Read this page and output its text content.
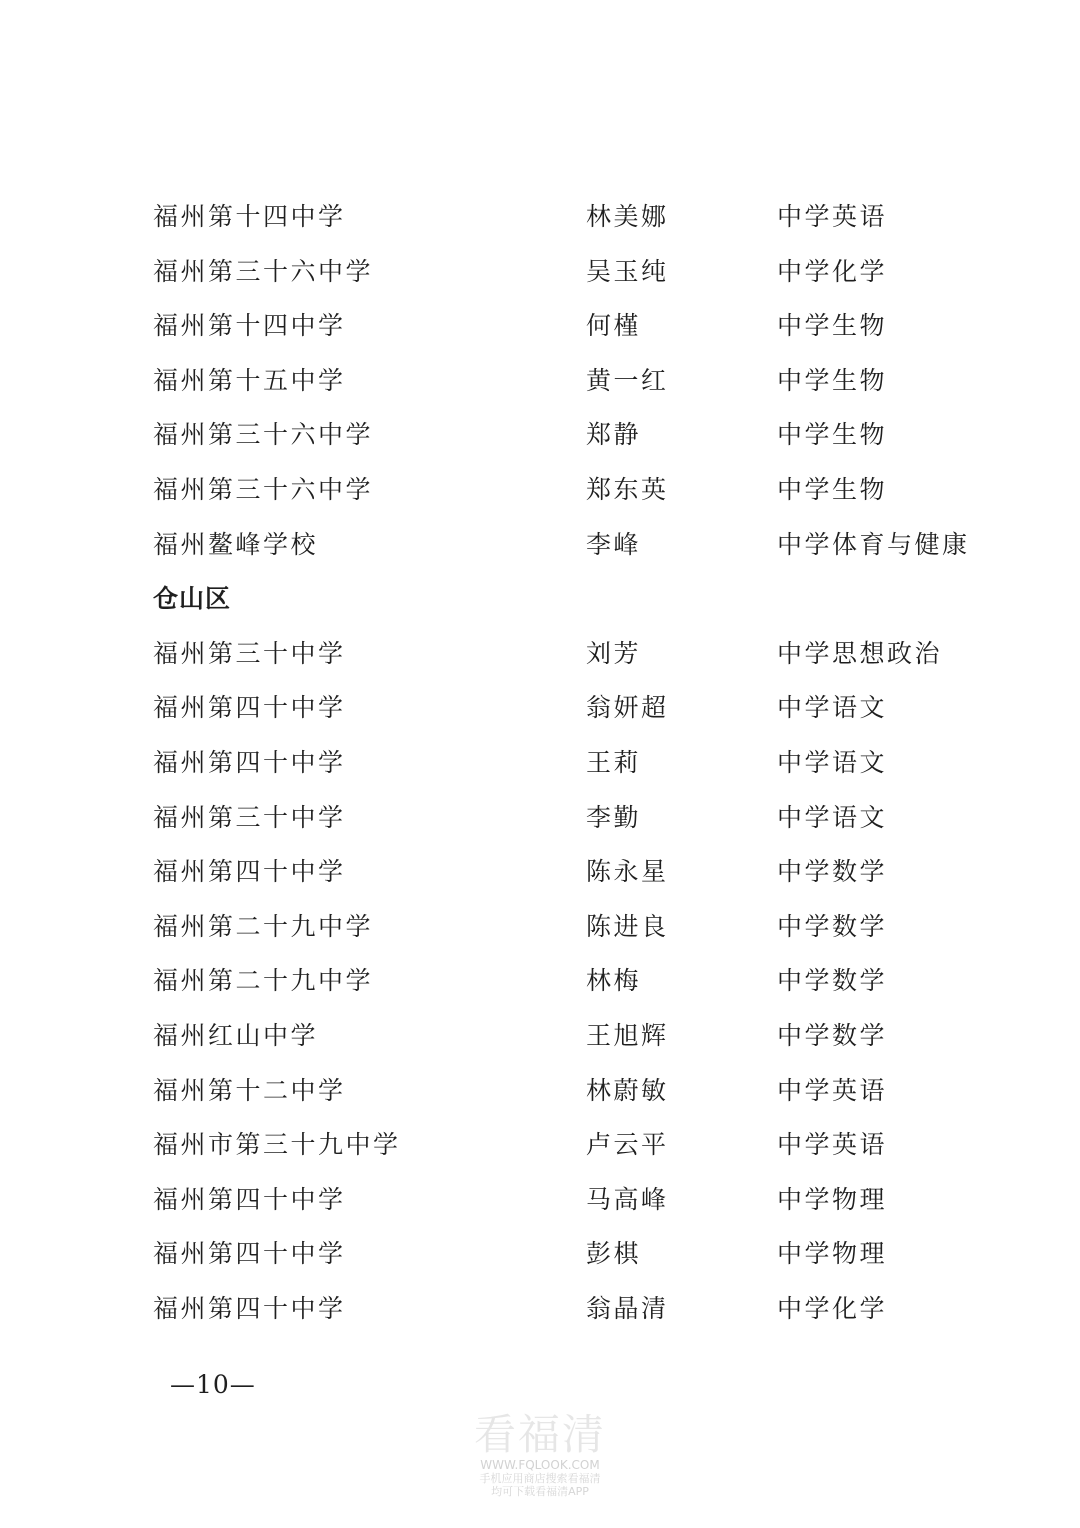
福州第十四中学	林美娜	中学英语
福州第三十六中学	吴玉纯	中学化学
福州第十四中学	何槿	中学生物
福州第十五中学	黄一红	中学生物
福州第三十六中学	郑静	中学生物
福州第三十六中学	郑东英	中学生物
福州鳌峰学校	李峰	中学体育与健康
仓山区
福州第三十中学	刘芳	中学思想政治
福州第四十中学	翁妍超	中学语文
福州第四十中学	王莉	中学语文
福州第三十中学	李勤	中学语文
福州第四十中学	陈永星	中学数学
福州第二十九中学	陈进良	中学数学
福州第二十九中学	林梅	中学数学
福州红山中学	王旭辉	中学数学
福州第十二中学	林蔚敏	中学英语
福州市第三十九中学	卢云平	中学英语
福州第四十中学	马高峰	中学物理
福州第四十中学	彭棋	中学物理
福州第四十中学	翁晶清	中学化学
—10—
看福清
WWW.FQLOOK.COM
手机应用商店搜索看福清
均可下载看福清APP
